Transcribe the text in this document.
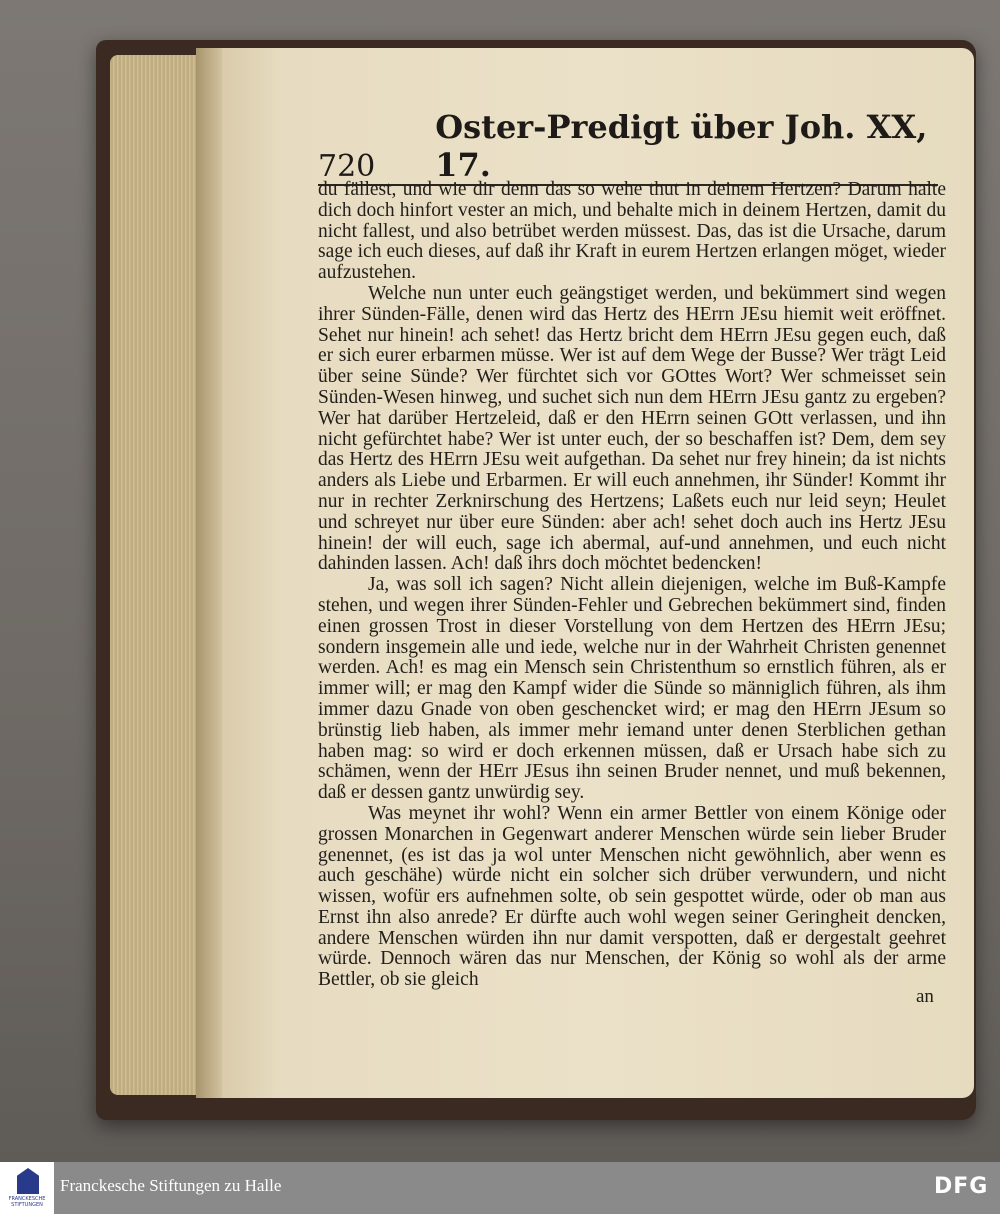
720
Oster-Predigt über Joh. XX, 17.

du fällest, und wie dir denn das so wehe thut in deinem Hertzen? Darum halte dich doch hinfort vester an mich, und behalte mich in deinem Hertzen, damit du nicht fallest, und also betrübet werden müssest. Das, das ist die Ursache, darum sage ich euch dieses, auf daß ihr Kraft in eurem Hertzen erlangen möget, wieder aufzustehen.

Welche nun unter euch geängstiget werden, und bekümmert sind wegen ihrer Sünden-Fälle, denen wird das Hertz des HErrn JEsu hiemit weit eröffnet. Sehet nur hinein! ach sehet! das Hertz bricht dem HErrn JEsu gegen euch, daß er sich eurer erbarmen müsse. Wer ist auf dem Wege der Busse? Wer trägt Leid über seine Sünde? Wer fürchtet sich vor GOttes Wort? Wer schmeisset sein Sünden-Wesen hinweg, und suchet sich nun dem HErrn JEsu gantz zu ergeben? Wer hat darüber Hertzeleid, daß er den HErrn seinen GOtt verlassen, und ihn nicht gefürchtet habe? Wer ist unter euch, der so beschaffen ist? Dem, dem sey das Hertz des HErrn JEsu weit aufgethan. Da sehet nur frey hinein; da ist nichts anders als Liebe und Erbarmen. Er will euch annehmen, ihr Sünder! Kommt ihr nur in rechter Zerknirschung des Hertzens; Laßets euch nur leid seyn; Heulet und schreyet nur über eure Sünden: aber ach! sehet doch auch ins Hertz JEsu hinein! der will euch, sage ich abermal, auf-und annehmen, und euch nicht dahinden lassen. Ach! daß ihrs doch möchtet bedencken!

Ja, was soll ich sagen? Nicht allein diejenigen, welche im Buß-Kampfe stehen, und wegen ihrer Sünden-Fehler und Gebrechen bekümmert sind, finden einen grossen Trost in dieser Vorstellung von dem Hertzen des HErrn JEsu; sondern insgemein alle und iede, welche nur in der Wahrheit Christen genennet werden. Ach! es mag ein Mensch sein Christenthum so ernstlich führen, als er immer will; er mag den Kampf wider die Sünde so männiglich führen, als ihm immer dazu Gnade von oben geschencket wird; er mag den HErrn JEsum so brünstig lieb haben, als immer mehr iemand unter denen Sterblichen gethan haben mag: so wird er doch erkennen müssen, daß er Ursach habe sich zu schämen, wenn der HErr JEsus ihn seinen Bruder nennet, und muß bekennen, daß er dessen gantz unwürdig sey.

Was meynet ihr wohl? Wenn ein armer Bettler von einem Könige oder grossen Monarchen in Gegenwart anderer Menschen würde sein lieber Bruder genennet, (es ist das ja wol unter Menschen nicht gewöhnlich, aber wenn es auch geschähe) würde nicht ein solcher sich drüber verwundern, und nicht wissen, wofür ers aufnehmen solte, ob sein gespottet würde, oder ob man aus Ernst ihn also anrede? Er dürfte auch wohl wegen seiner Geringheit dencken, andere Menschen würden ihn nur damit verspotten, daß er dergestalt geehret würde. Dennoch wären das nur Menschen, der König so wohl als der arme Bettler, ob sie gleich

an
FRANCKESCHE STIFTUNGEN
Franckesche Stiftungen zu Halle	DFG
